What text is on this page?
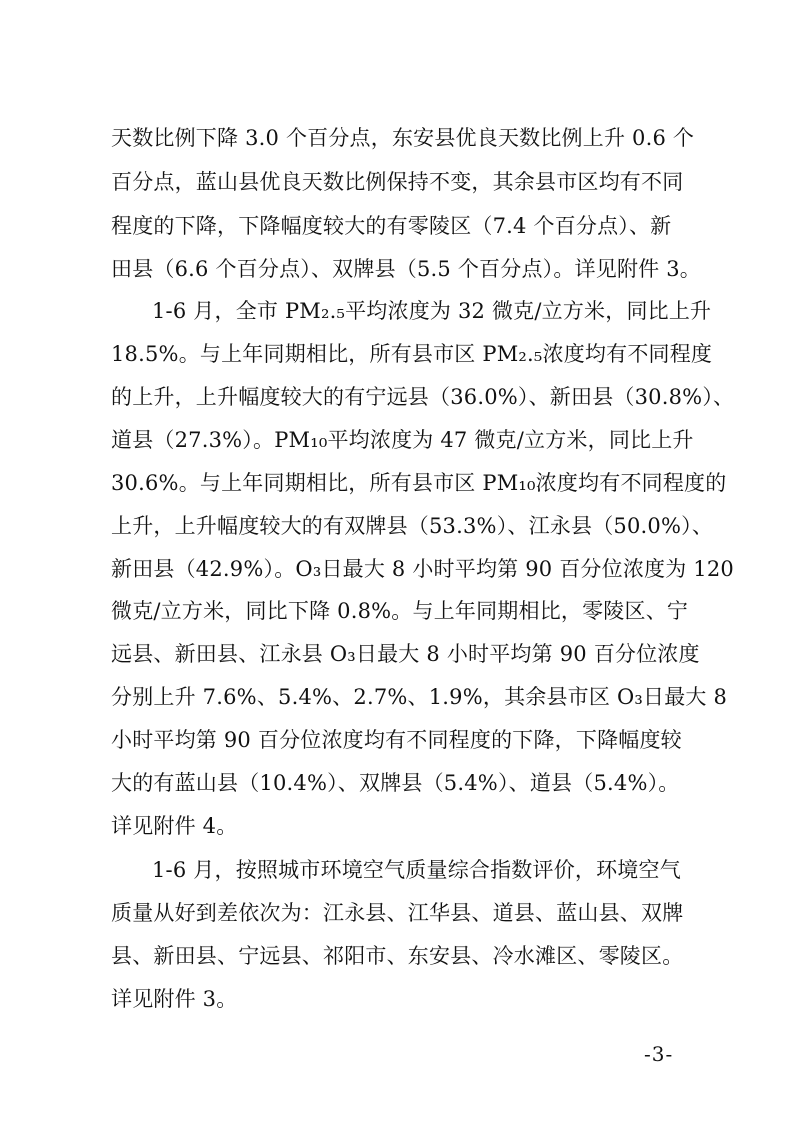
天数比例下降 3.0 个百分点，东安县优良天数比例上升 0.6 个
百分点，蓝山县优良天数比例保持不变，其余县市区均有不同
程度的下降，下降幅度较大的有零陵区（7.4 个百分点）、新
田县（6.6 个百分点）、双牌县（5.5 个百分点）。详见附件 3。
1-6 月，全市 PM₂.₅平均浓度为 32 微克/立方米，同比上升
18.5%。与上年同期相比，所有县市区 PM₂.₅浓度均有不同程度
的上升，上升幅度较大的有宁远县（36.0%）、新田县（30.8%）、
道县（27.3%）。PM₁₀平均浓度为 47 微克/立方米，同比上升
30.6%。与上年同期相比，所有县市区 PM₁₀浓度均有不同程度的
上升，上升幅度较大的有双牌县（53.3%）、江永县（50.0%）、
新田县（42.9%）。O₃日最大 8 小时平均第 90 百分位浓度为 120
微克/立方米，同比下降 0.8%。与上年同期相比，零陵区、宁
远县、新田县、江永县 O₃日最大 8 小时平均第 90 百分位浓度
分别上升 7.6%、5.4%、2.7%、1.9%，其余县市区 O₃日最大 8
小时平均第 90 百分位浓度均有不同程度的下降，下降幅度较
大的有蓝山县（10.4%）、双牌县（5.4%）、道县（5.4%）。
详见附件 4。
1-6 月，按照城市环境空气质量综合指数评价，环境空气
质量从好到差依次为：江永县、江华县、道县、蓝山县、双牌
县、新田县、宁远县、祁阳市、东安县、冷水滩区、零陵区。
详见附件 3。
-3-
